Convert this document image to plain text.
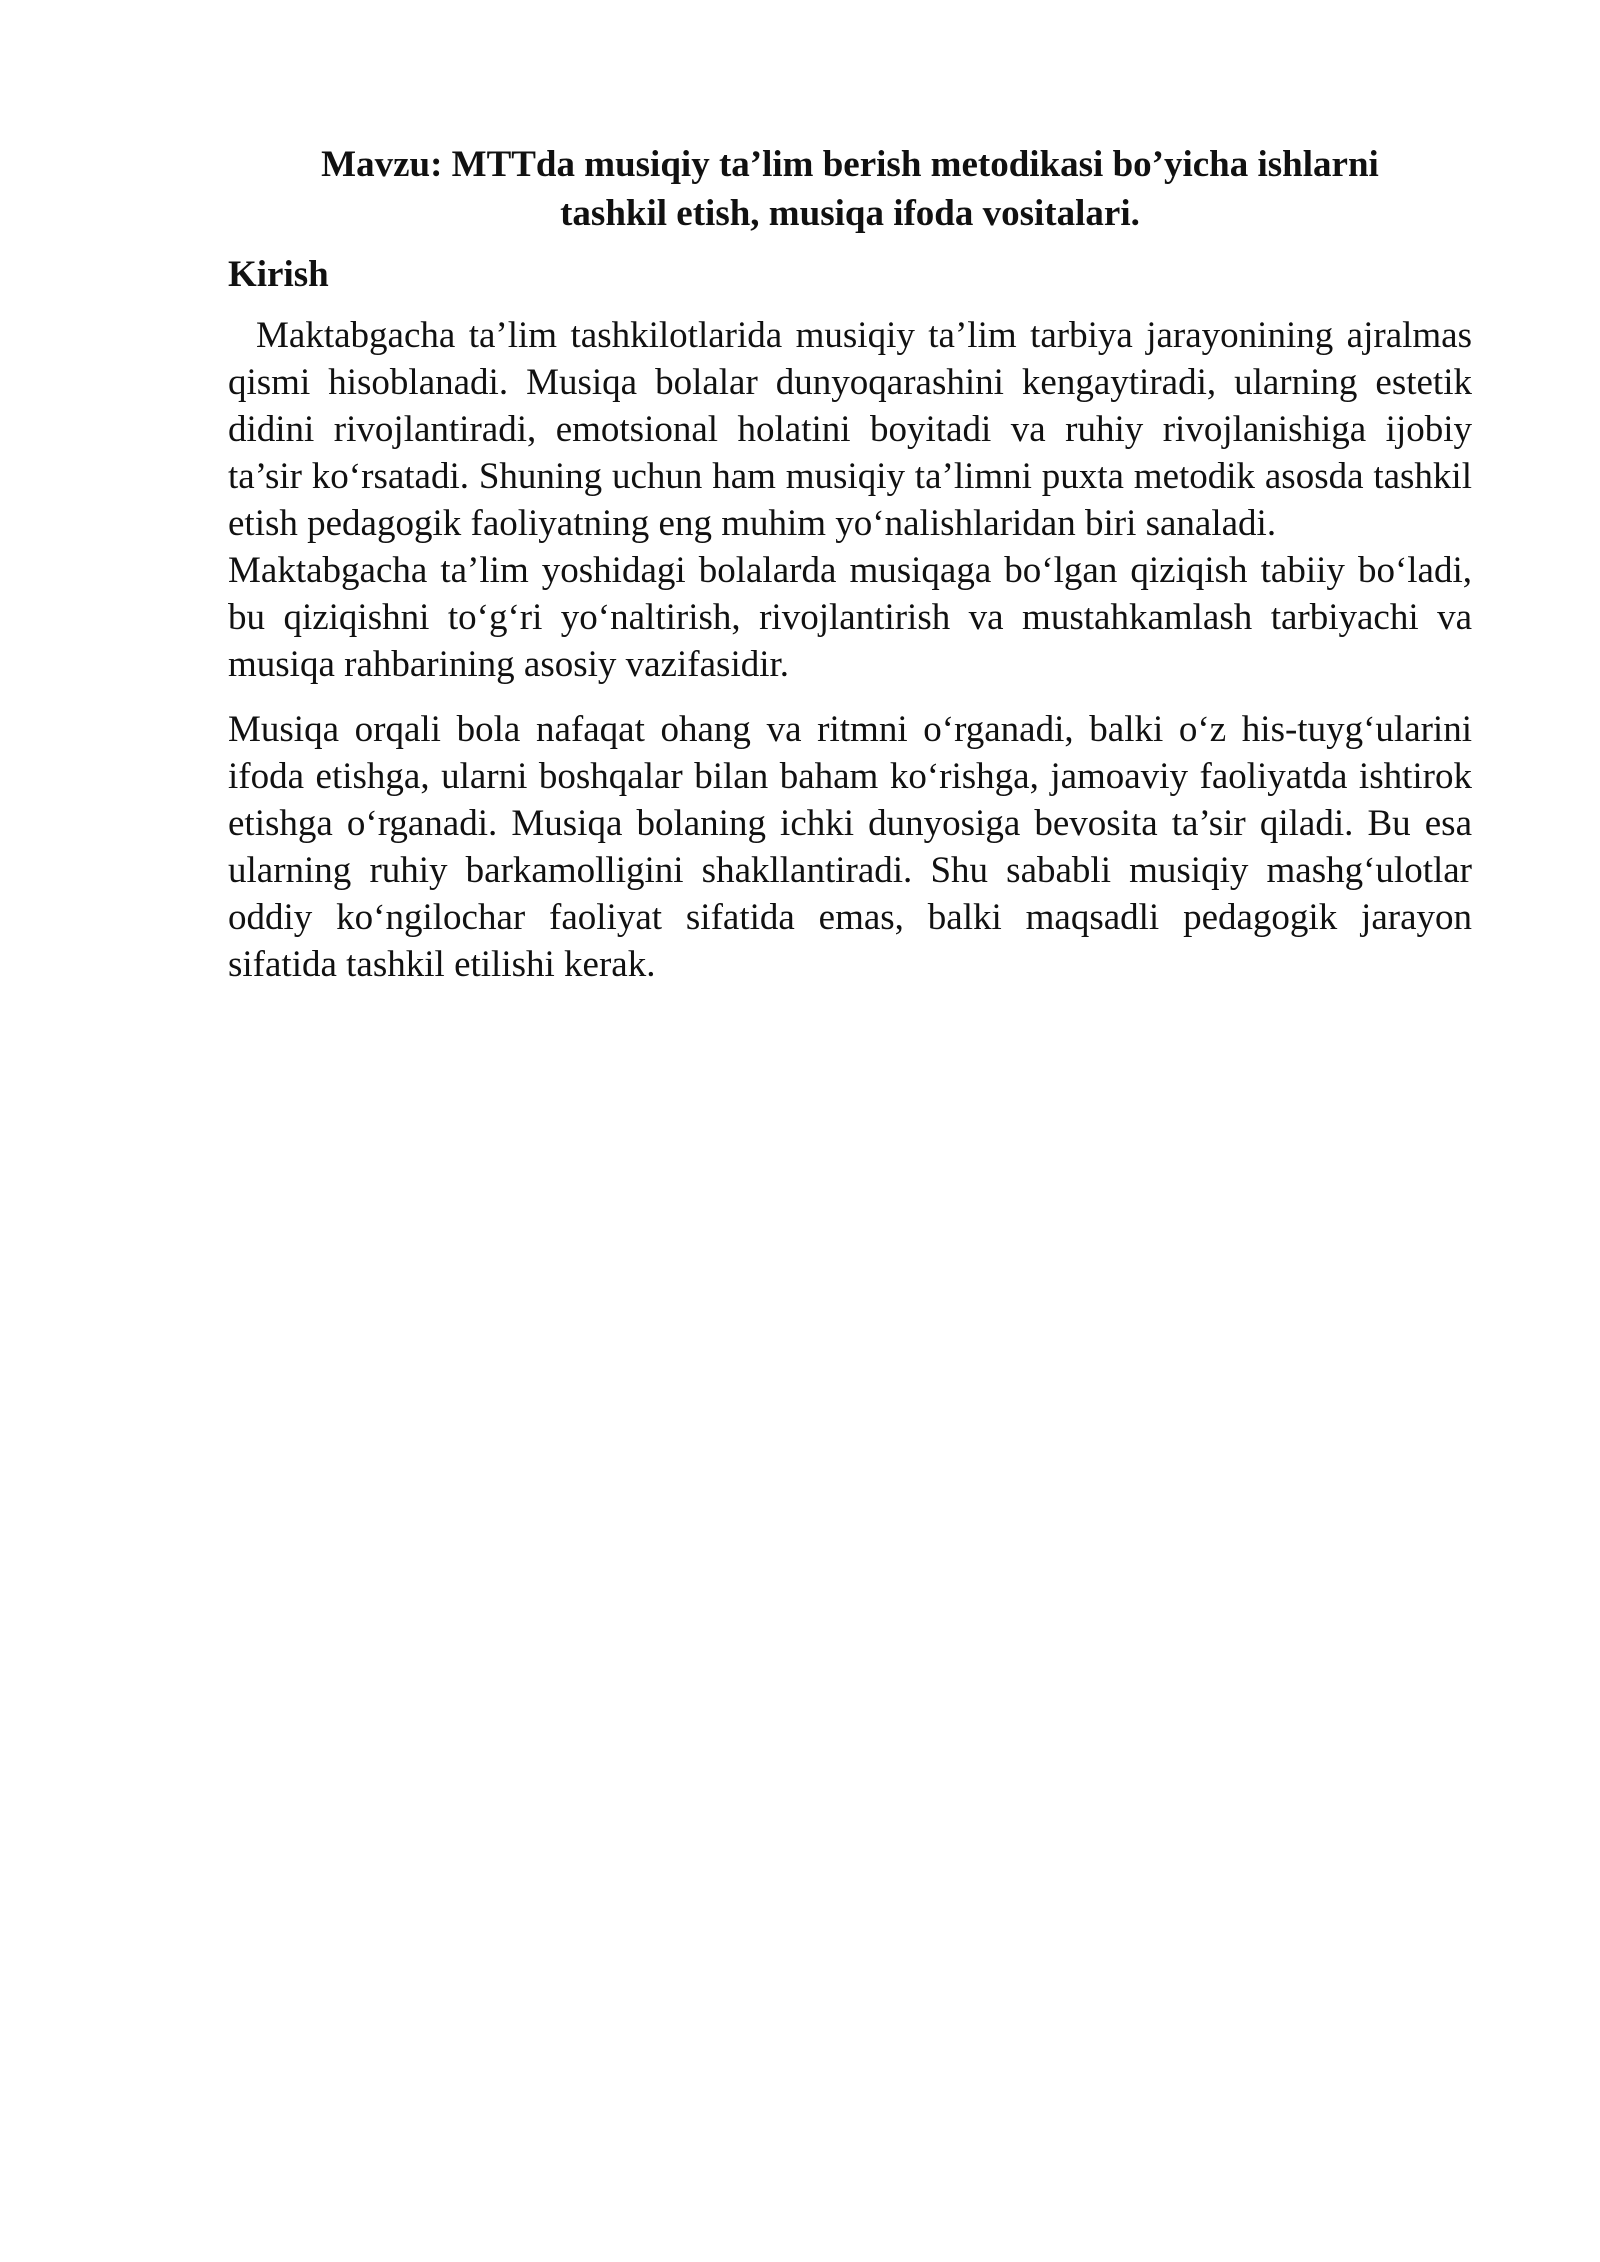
Mavzu: MTTda musiqiy ta’lim berish metodikasi bo’yicha ishlarni tashkil etish, musiqa ifoda vositalari.
Kirish

Maktabgacha ta’lim tashkilotlarida musiqiy ta’lim tarbiya jarayonining ajralmas qismi hisoblanadi. Musiqa bolalar dunyoqarashini kengaytiradi, ularning estetik didini rivojlantiradi, emotsional holatini boyitadi va ruhiy rivojlanishiga ijobiy ta’sir ko‘rsatadi. Shuning uchun ham musiqiy ta’limni puxta metodik asosda tashkil etish pedagogik faoliyatning eng muhim yo‘nalishlaridan biri sanaladi.

Maktabgacha ta’lim yoshidagi bolalarda musiqaga bo‘lgan qiziqish tabiiy bo‘ladi, bu qiziqishni to‘g‘ri yo‘naltirish, rivojlantirish va mustahkamlash tarbiyachi va musiqa rahbarining asosiy vazifasidir.

Musiqa orqali bola nafaqat ohang va ritmni o‘rganadi, balki o‘z his-tuyg‘ularini ifoda etishga, ularni boshqalar bilan baham ko‘rishga, jamoaviy faoliyatda ishtirok etishga o‘rganadi. Musiqa bolaning ichki dunyosiga bevosita ta’sir qiladi. Bu esa ularning ruhiy barkamolligini shakllantiradi. Shu sababli musiqiy mashg‘ulotlar oddiy ko‘ngilochar faoliyat sifatida emas, balki maqsadli pedagogik jarayon sifatida tashkil etilishi kerak.
